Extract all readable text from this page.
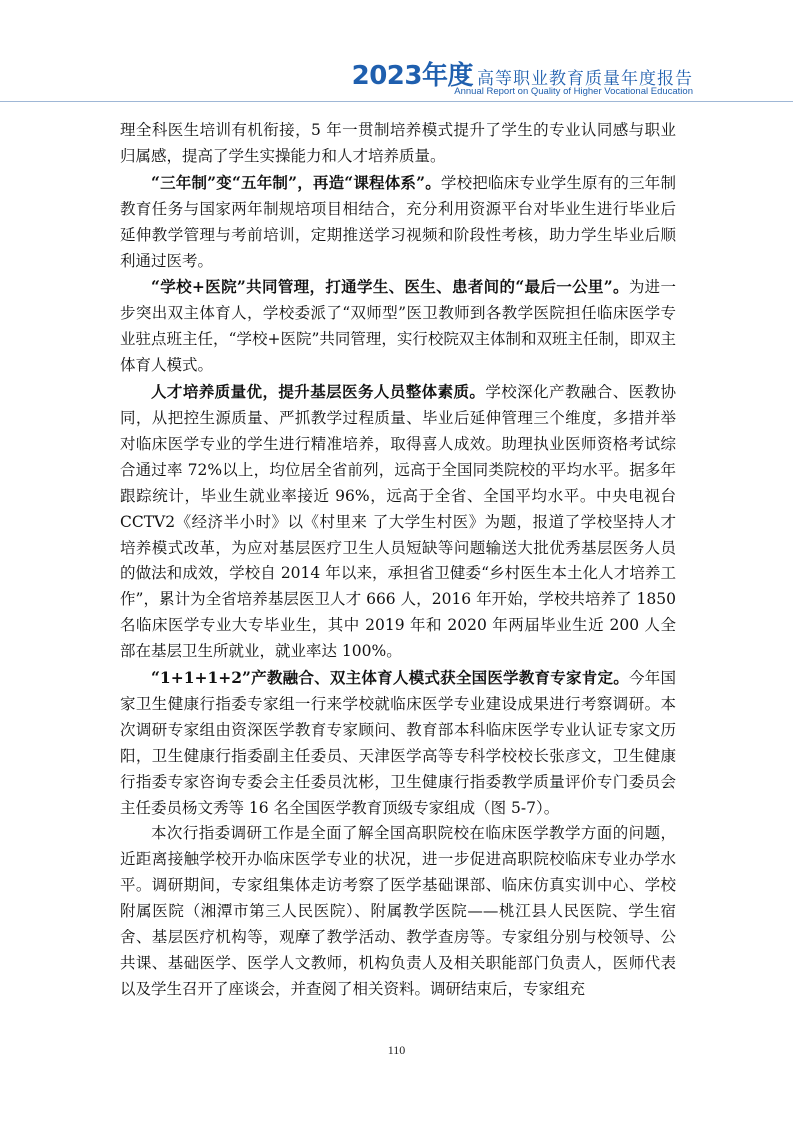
2023年度 高等职业教育质量年度报告
Annual Report on Quality of Higher Vocational Education

理全科医生培训有机衔接，5 年一贯制培养模式提升了学生的专业认同感与职业归属感，提高了学生实操能力和人才培养质量。

“三年制”变“五年制”，再造“课程体系”。学校把临床专业学生原有的三年制教育任务与国家两年制规培项目相结合，充分利用资源平台对毕业生进行毕业后延伸教学管理与考前培训，定期推送学习视频和阶段性考核，助力学生毕业后顺利通过医考。

“学校+医院”共同管理，打通学生、医生、患者间的“最后一公里”。为进一步突出双主体育人，学校委派了“双师型”医卫教师到各教学医院担任临床医学专业驻点班主任，“学校+医院”共同管理，实行校院双主体制和双班主任制，即双主体育人模式。

人才培养质量优，提升基层医务人员整体素质。学校深化产教融合、医教协同，从把控生源质量、严抓教学过程质量、毕业后延伸管理三个维度，多措并举对临床医学专业的学生进行精准培养，取得喜人成效。助理执业医师资格考试综合通过率 72%以上，均位居全省前列，远高于全国同类院校的平均水平。据多年跟踪统计，毕业生就业率接近 96%，远高于全省、全国平均水平。中央电视台 CCTV2《经济半小时》以《村里来 了大学生村医》为题，报道了学校坚持人才培养模式改革，为应对基层医疗卫生人员短缺等问题输送大批优秀基层医务人员的做法和成效，学校自 2014 年以来，承担省卫健委“乡村医生本土化人才培养工作”，累计为全省培养基层医卫人才 666 人，2016 年开始，学校共培养了 1850 名临床医学专业大专毕业生，其中 2019 年和 2020 年两届毕业生近 200 人全部在基层卫生所就业，就业率达 100%。

“1+1+1+2”产教融合、双主体育人模式获全国医学教育专家肯定。今年国家卫生健康行指委专家组一行来学校就临床医学专业建设成果进行考察调研。本次调研专家组由资深医学教育专家顾问、教育部本科临床医学专业认证专家文历阳，卫生健康行指委副主任委员、天津医学高等专科学校校长张彦文，卫生健康行指委专家咨询专委会主任委员沈彬，卫生健康行指委教学质量评价专门委员会主任委员杨文秀等 16 名全国医学教育顶级专家组成（图 5-7）。

本次行指委调研工作是全面了解全国高职院校在临床医学教学方面的问题，近距离接触学校开办临床医学专业的状况，进一步促进高职院校临床专业办学水平。调研期间，专家组集体走访考察了医学基础课部、临床仿真实训中心、学校附属医院（湘潭市第三人民医院）、附属教学医院——桃江县人民医院、学生宿舍、基层医疗机构等，观摩了教学活动、教学查房等。专家组分别与校领导、公共课、基础医学、医学人文教师，机构负责人及相关职能部门负责人，医师代表以及学生召开了座谈会，并查阅了相关资料。调研结束后，专家组充

110
